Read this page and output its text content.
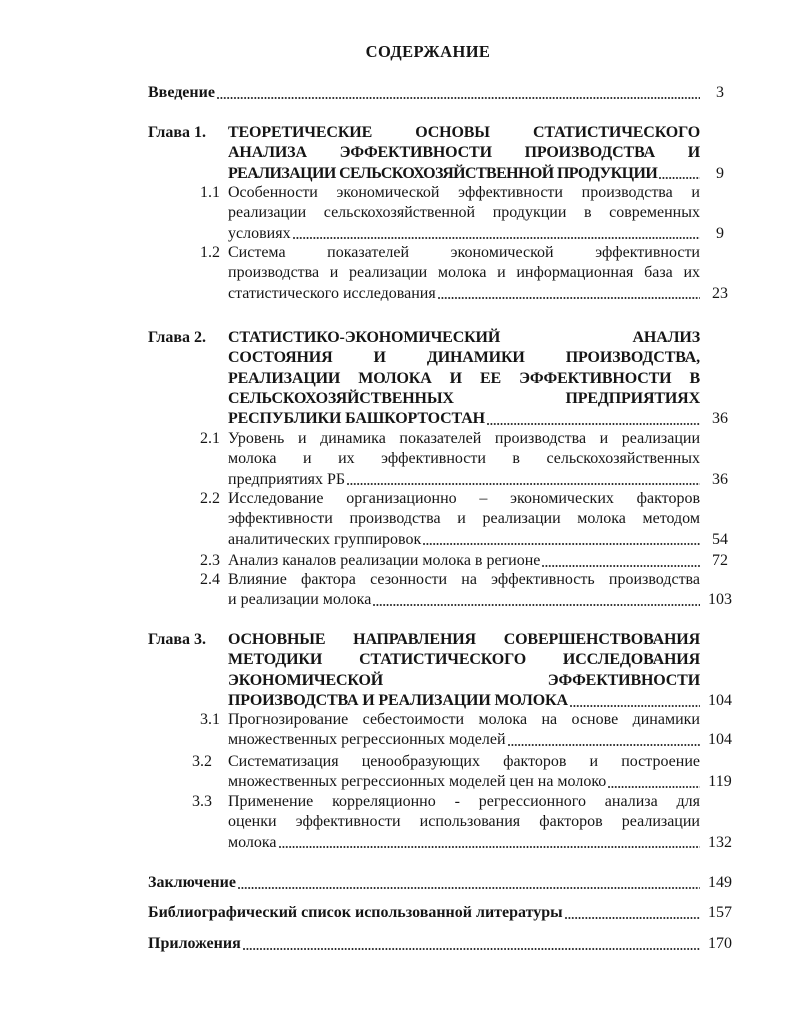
СОДЕРЖАНИЕ
Введение	3
Глава 1. ТЕОРЕТИЧЕСКИЕ ОСНОВЫ СТАТИСТИЧЕСКОГО
АНАЛИЗА ЭФФЕКТИВНОСТИ ПРОИЗВОДСТВА И
РЕАЛИЗАЦИИ СЕЛЬСКОХОЗЯЙСТВЕННОЙ ПРОДУКЦИИ	9
1.1 Особенности экономической эффективности производства и
реализации сельскохозяйственной продукции в современных
условиях	9
1.2 Система показателей экономической эффективности
производства и реализации молока и информационная база их
статистического исследования	23
Глава 2. СТАТИСТИКО-ЭКОНОМИЧЕСКИЙ АНАЛИЗ
СОСТОЯНИЯ И ДИНАМИКИ ПРОИЗВОДСТВА,
РЕАЛИЗАЦИИ МОЛОКА И ЕЕ ЭФФЕКТИВНОСТИ В
СЕЛЬСКОХОЗЯЙСТВЕННЫХ ПРЕДПРИЯТИЯХ
РЕСПУБЛИКИ БАШКОРТОСТАН	36
2.1 Уровень и динамика показателей производства и реализации
молока и их эффективности в сельскохозяйственных
предприятиях РБ	36
2.2 Исследование организационно – экономических факторов
эффективности производства и реализации молока методом
аналитических группировок	54
2.3 Анализ каналов реализации молока в регионе	72
2.4 Влияние фактора сезонности на эффективность производства
и реализации молока	103
Глава 3. ОСНОВНЫЕ НАПРАВЛЕНИЯ СОВЕРШЕНСТВОВАНИЯ
МЕТОДИКИ СТАТИСТИЧЕСКОГО ИССЛЕДОВАНИЯ
ЭКОНОМИЧЕСКОЙ ЭФФЕКТИВНОСТИ
ПРОИЗВОДСТВА И РЕАЛИЗАЦИИ МОЛОКА	104
3.1 Прогнозирование себестоимости молока на основе динамики
множественных регрессионных моделей	104
3.2 Систематизация ценообразующих факторов и построение
множественных регрессионных моделей цен на молоко	119
3.3 Применение корреляционно - регрессионного анализа для
оценки эффективности использования факторов реализации
молока	132
Заключение	149
Библиографический список использованной литературы	157
Приложения	170
